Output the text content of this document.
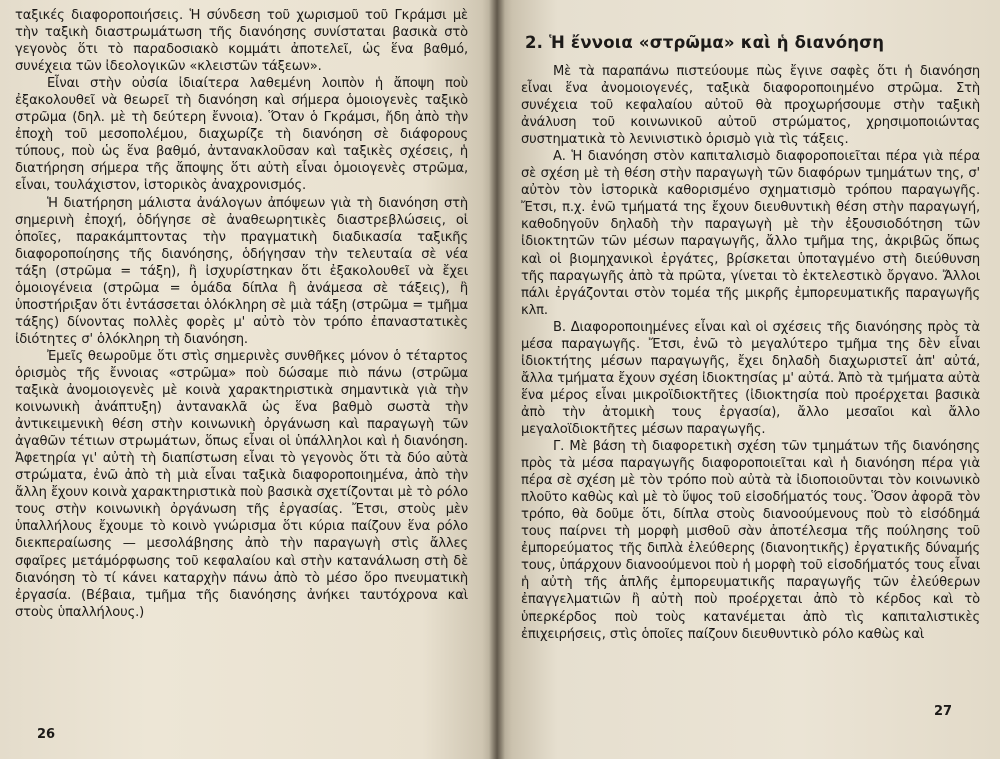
ταξικές διαφοροποιήσεις. Ἡ σύνδεση τοῦ χωρισμοῦ τοῦ Γκράμσι μὲ τὴν ταξικὴ διαστρωμάτωση τῆς διανόησης συνίσταται βασικὰ στὸ γεγονὸς ὅτι τὸ παραδοσιακὸ κομμάτι ἀποτελεῖ, ὡς ἕνα βαθμό, συνέχεια τῶν ἰδεολογικῶν «κλειστῶν τάξεων».

Εἶναι στὴν οὐσία ἰδιαίτερα λαθεμένη λοιπὸν ἡ ἄποψη ποὺ ἐξακολουθεῖ νὰ θεωρεῖ τὴ διανόηση καὶ σήμερα ὁμοιογενὲς ταξικὸ στρῶμα (δηλ. μὲ τὴ δεύτερη ἔννοια). Ὅταν ὁ Γκράμσι, ἤδη ἀπὸ τὴν ἐποχὴ τοῦ μεσοπολέμου, διαχωρίζε τὴ διανόηση σὲ διάφορους τύπους, ποὺ ὡς ἕνα βαθμό, ἀντανακλοῦσαν καὶ ταξικὲς σχέσεις, ἡ διατήρηση σήμερα τῆς ἄποψης ὅτι αὐτὴ εἶναι ὁμοιογενὲς στρῶμα, εἶναι, τουλάχιστον, ἱστορικὸς ἀναχρονισμός.

Ἡ διατήρηση μάλιστα ἀνάλογων ἀπόψεων γιὰ τὴ διανόηση στὴ σημερινὴ ἐποχή, ὁδήγησε σὲ ἀναθεωρητικὲς διαστρεβλώσεις, οἱ ὁποῖες, παρακάμπτοντας τὴν πραγματικὴ διαδικασία ταξικῆς διαφοροποίησης τῆς διανόησης, ὁδήγησαν τὴν τελευταία σὲ νέα τάξη (στρῶμα = τάξη), ἢ ἰσχυρίστηκαν ὅτι ἐξακολουθεῖ νὰ ἔχει ὁμοιογένεια (στρῶμα = ὁμάδα δίπλα ἢ ἀνάμεσα σὲ τάξεις), ἢ ὑποστήριξαν ὅτι ἐντάσσεται ὁλόκληρη σὲ μιὰ τάξη (στρῶμα = τμῆμα τάξης) δίνοντας πολλὲς φορὲς μ' αὐτὸ τὸν τρόπο ἐπαναστατικὲς ἰδιότητες σ' ὁλόκληρη τὴ διανόηση.

Ἐμεῖς θεωροῦμε ὅτι στὶς σημερινὲς συνθῆκες μόνον ὁ τέταρτος ὁρισμὸς τῆς ἔννοιας «στρῶμα» ποὺ δώσαμε πιὸ πάνω (στρῶμα ταξικὰ ἀνομοιογενὲς μὲ κοινὰ χαρακτηριστικὰ σημαντικὰ γιὰ τὴν κοινωνικὴ ἀνάπτυξη) ἀντανακλᾶ ὡς ἕνα βαθμὸ σωστὰ τὴν ἀντικειμενικὴ θέση στὴν κοινωνικὴ ὀργάνωση καὶ παραγωγὴ τῶν ἀγαθῶν τέτιων στρωμάτων, ὅπως εἶναι οἱ ὑπάλληλοι καὶ ἡ διανόηση. Ἀφετηρία γι' αὐτὴ τὴ διαπίστωση εἶναι τὸ γεγονὸς ὅτι τὰ δύο αὐτὰ στρώματα, ἐνῶ ἀπὸ τὴ μιὰ εἶναι ταξικὰ διαφοροποιημένα, ἀπὸ τὴν ἄλλη ἔχουν κοινὰ χαρακτηριστικὰ ποὺ βασικὰ σχετίζονται μὲ τὸ ρόλο τους στὴν κοινωνικὴ ὀργάνωση τῆς ἐργασίας. Ἔτσι, στοὺς μὲν ὑπαλλήλους ἔχουμε τὸ κοινὸ γνώρισμα ὅτι κύρια παίζουν ἕνα ρόλο διεκπεραίωσης — μεσολάβησης ἀπὸ τὴν παραγωγὴ στὶς ἄλλες σφαῖρες μετάμόρφωσης τοῦ κεφαλαίου καὶ στὴν κατανάλωση στὴ δὲ διανόηση τὸ τί κάνει καταρχὴν πάνω ἀπὸ τὸ μέσο ὅρο πνευματικὴ ἐργασία. (Βέβαια, τμῆμα τῆς διανόησης ἀνήκει ταυτόχρονα καὶ στοὺς ὑπαλλήλους.)

26
2. Ἡ ἔννοια «στρῶμα» καὶ ἡ διανόηση

Μὲ τὰ παραπάνω πιστεύουμε πὼς ἔγινε σαφὲς ὅτι ἡ διανόηση εἶναι ἕνα ἀνομοιογενές, ταξικὰ διαφοροποιημένο στρῶμα. Στὴ συνέχεια τοῦ κεφαλαίου αὐτοῦ θὰ προχωρήσουμε στὴν ταξικὴ ἀνάλυση τοῦ κοινωνικοῦ αὐτοῦ στρώματος, χρησιμοποιώντας συστηματικὰ τὸ λενινιστικὸ ὁρισμὸ γιὰ τὶς τάξεις.

Α. Ἡ διανόηση στὸν καπιταλισμὸ διαφοροποιεῖται πέρα γιὰ πέρα σὲ σχέση μὲ τὴ θέση στὴν παραγωγὴ τῶν διαφόρων τμημάτων της, σ' αὐτὸν τὸν ἱστορικὰ καθορισμένο σχηματισμὸ τρόπου παραγωγῆς. Ἔτσι, π.χ. ἐνῶ τμήματά της ἔχουν διευθυντικὴ θέση στὴν παραγωγή, καθοδηγοῦν δηλαδὴ τὴν παραγωγὴ μὲ τὴν ἐξουσιοδότηση τῶν ἰδιοκτητῶν τῶν μέσων παραγωγῆς, ἄλλο τμῆμα της, ἀκριβῶς ὅπως καὶ οἱ βιομηχανικοὶ ἐργάτες, βρίσκεται ὑποταγμένο στὴ διεύθυνση τῆς παραγωγῆς ἀπὸ τὰ πρῶτα, γίνεται τὸ ἐκτελεστικὸ ὄργανο. Ἄλλοι πάλι ἐργάζονται στὸν τομέα τῆς μικρῆς ἐμπορευματικῆς παραγωγῆς κλπ.

Β. Διαφοροποιημένες εἶναι καὶ οἱ σχέσεις τῆς διανόησης πρὸς τὰ μέσα παραγωγῆς. Ἔτσι, ἐνῶ τὸ μεγαλύτερο τμῆμα της δὲν εἶναι ἰδιοκτήτης μέσων παραγωγῆς, ἔχει δηλαδὴ διαχωριστεῖ ἀπ' αὐτά, ἄλλα τμήματα ἔχουν σχέση ἰδιοκτησίας μ' αὐτά. Ἀπὸ τὰ τμήματα αὐτὰ ἕνα μέρος εἶναι μικροϊδιοκτῆτες (ἰδιοκτησία ποὺ προέρχεται βασικὰ ἀπὸ τὴν ἀτομικὴ τους ἐργασία), ἄλλο μεσαῖοι καὶ ἄλλο μεγαλοϊδιοκτῆτες μέσων παραγωγῆς.

Γ. Μὲ βάση τὴ διαφορετικὴ σχέση τῶν τμημάτων τῆς διανόησης πρὸς τὰ μέσα παραγωγῆς διαφοροποιεῖται καὶ ἡ διανόηση πέρα γιὰ πέρα σὲ σχέση μὲ τὸν τρόπο ποὺ αὐτὰ τὰ ἰδιοποιοῦνται τὸν κοινωνικὸ πλοῦτο καθὼς καὶ μὲ τὸ ὕψος τοῦ εἰσοδήματός τους. Ὅσον ἀφορᾶ τὸν τρόπο, θὰ δοῦμε ὅτι, δίπλα στοὺς διανοούμενους ποὺ τὸ εἰσόδημά τους παίρνει τὴ μορφὴ μισθοῦ σὰν ἀποτέλεσμα τῆς πούλησης τοῦ ἐμπορεύματος τῆς διπλὰ ἐλεύθερης (διανοητικῆς) ἐργατικῆς δύναμής τους, ὑπάρχουν διανοούμενοι ποὺ ἡ μορφὴ τοῦ εἰσοδήματός τους εἶναι ἡ αὐτὴ τῆς ἁπλῆς ἐμπορευματικῆς παραγωγῆς τῶν ἐλεύθερων ἐπαγγελματιῶν ἢ αὐτὴ ποὺ προέρχεται ἀπὸ τὸ κέρδος καὶ τὸ ὑπερκέρδος ποὺ τοὺς κατανέμεται ἀπὸ τὶς καπιταλιστικὲς ἐπιχειρήσεις, στὶς ὁποῖες παίζουν διευθυντικὸ ρόλο καθὼς καὶ

27
